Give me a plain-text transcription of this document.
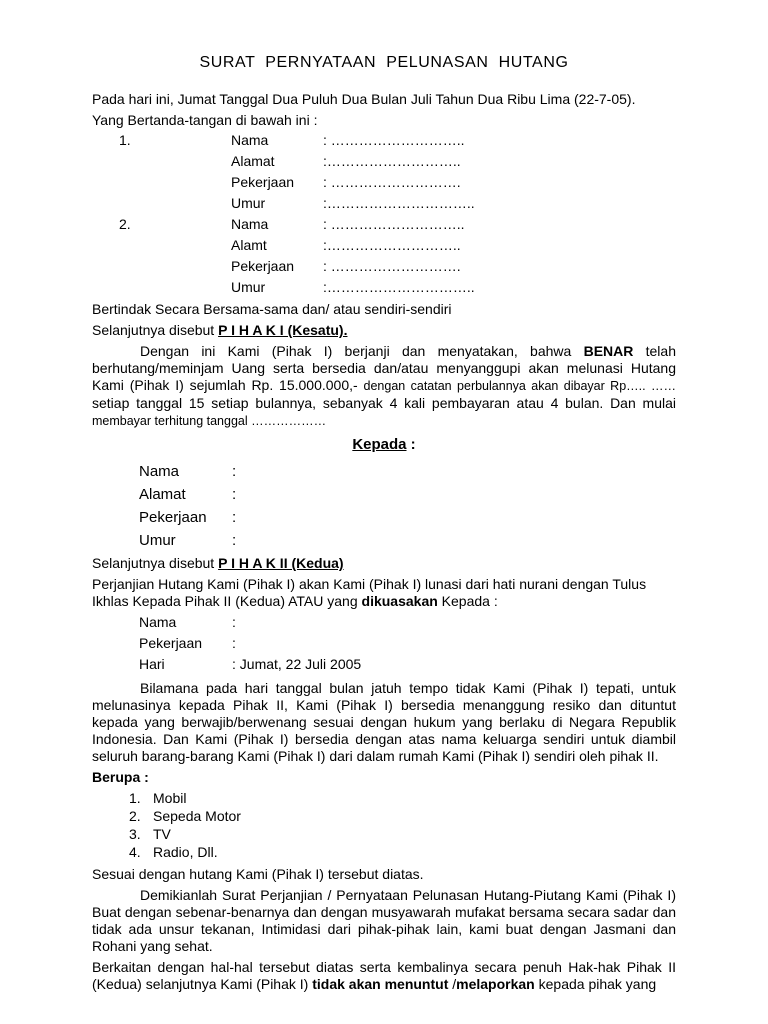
SURAT PERNYATAAN PELUNASAN HUTANG
Pada hari ini, Jumat Tanggal Dua Puluh Dua Bulan Juli Tahun Dua Ribu Lima (22-7-05).
Yang Bertanda-tangan di bawah ini :
1.	Nama	: ………………………..
Alamat	:………………………..
Pekerjaan : ……………………….
Umur	:…………………………..
2.	Nama	: ………………………..
Alamt	:………………………..
Pekerjaan : ……………………….
Umur	:…………………………..
Bertindak Secara Bersama-sama dan/ atau sendiri-sendiri
Selanjutnya disebut P I H A K I (Kesatu).
Dengan ini Kami (Pihak I) berjanji dan menyatakan, bahwa BENAR telah berhutang/meminjam Uang serta bersedia dan/atau menyanggupi akan melunasi Hutang Kami (Pihak I) sejumlah Rp. 15.000.000,- dengan catatan perbulannya akan dibayar Rp….. …… setiap tanggal 15 setiap bulannya, sebanyak 4 kali pembayaran atau 4 bulan. Dan mulai membayar terhitung tanggal ………………
Kepada :
Nama	:
Alamat	:
Pekerjaan :
Umur	:
Selanjutnya disebut P I H A K II (Kedua)
Perjanjian Hutang Kami (Pihak I) akan Kami (Pihak I) lunasi dari hati nurani dengan Tulus Ikhlas Kepada Pihak II (Kedua) ATAU yang dikuasakan Kepada :
Nama	:
Pekerjaan :
Hari	: Jumat, 22 Juli 2005
Bilamana pada hari tanggal bulan jatuh tempo tidak Kami (Pihak I) tepati, untuk melunasinya kepada Pihak II, Kami (Pihak I) bersedia menanggung resiko dan dituntut kepada yang berwajib/berwenang sesuai dengan hukum yang berlaku di Negara Republik Indonesia. Dan Kami (Pihak I) bersedia dengan atas nama keluarga sendiri untuk diambil seluruh barang-barang Kami (Pihak I) dari dalam rumah Kami (Pihak I) sendiri oleh pihak II.
Berupa :
1. Mobil
2. Sepeda Motor
3. TV
4. Radio, Dll.
Sesuai dengan hutang Kami (Pihak I) tersebut diatas.
Demikianlah Surat Perjanjian / Pernyataan Pelunasan Hutang-Piutang Kami (Pihak I) Buat dengan sebenar-benarnya dan dengan musyawarah mufakat bersama secara sadar dan tidak ada unsur tekanan, Intimidasi dari pihak-pihak lain, kami buat dengan Jasmani dan Rohani yang sehat.
Berkaitan dengan hal-hal tersebut diatas serta kembalinya secara penuh Hak-hak Pihak II (Kedua) selanjutnya Kami (Pihak I) tidak akan menuntut /melaporkan kepada pihak yang
